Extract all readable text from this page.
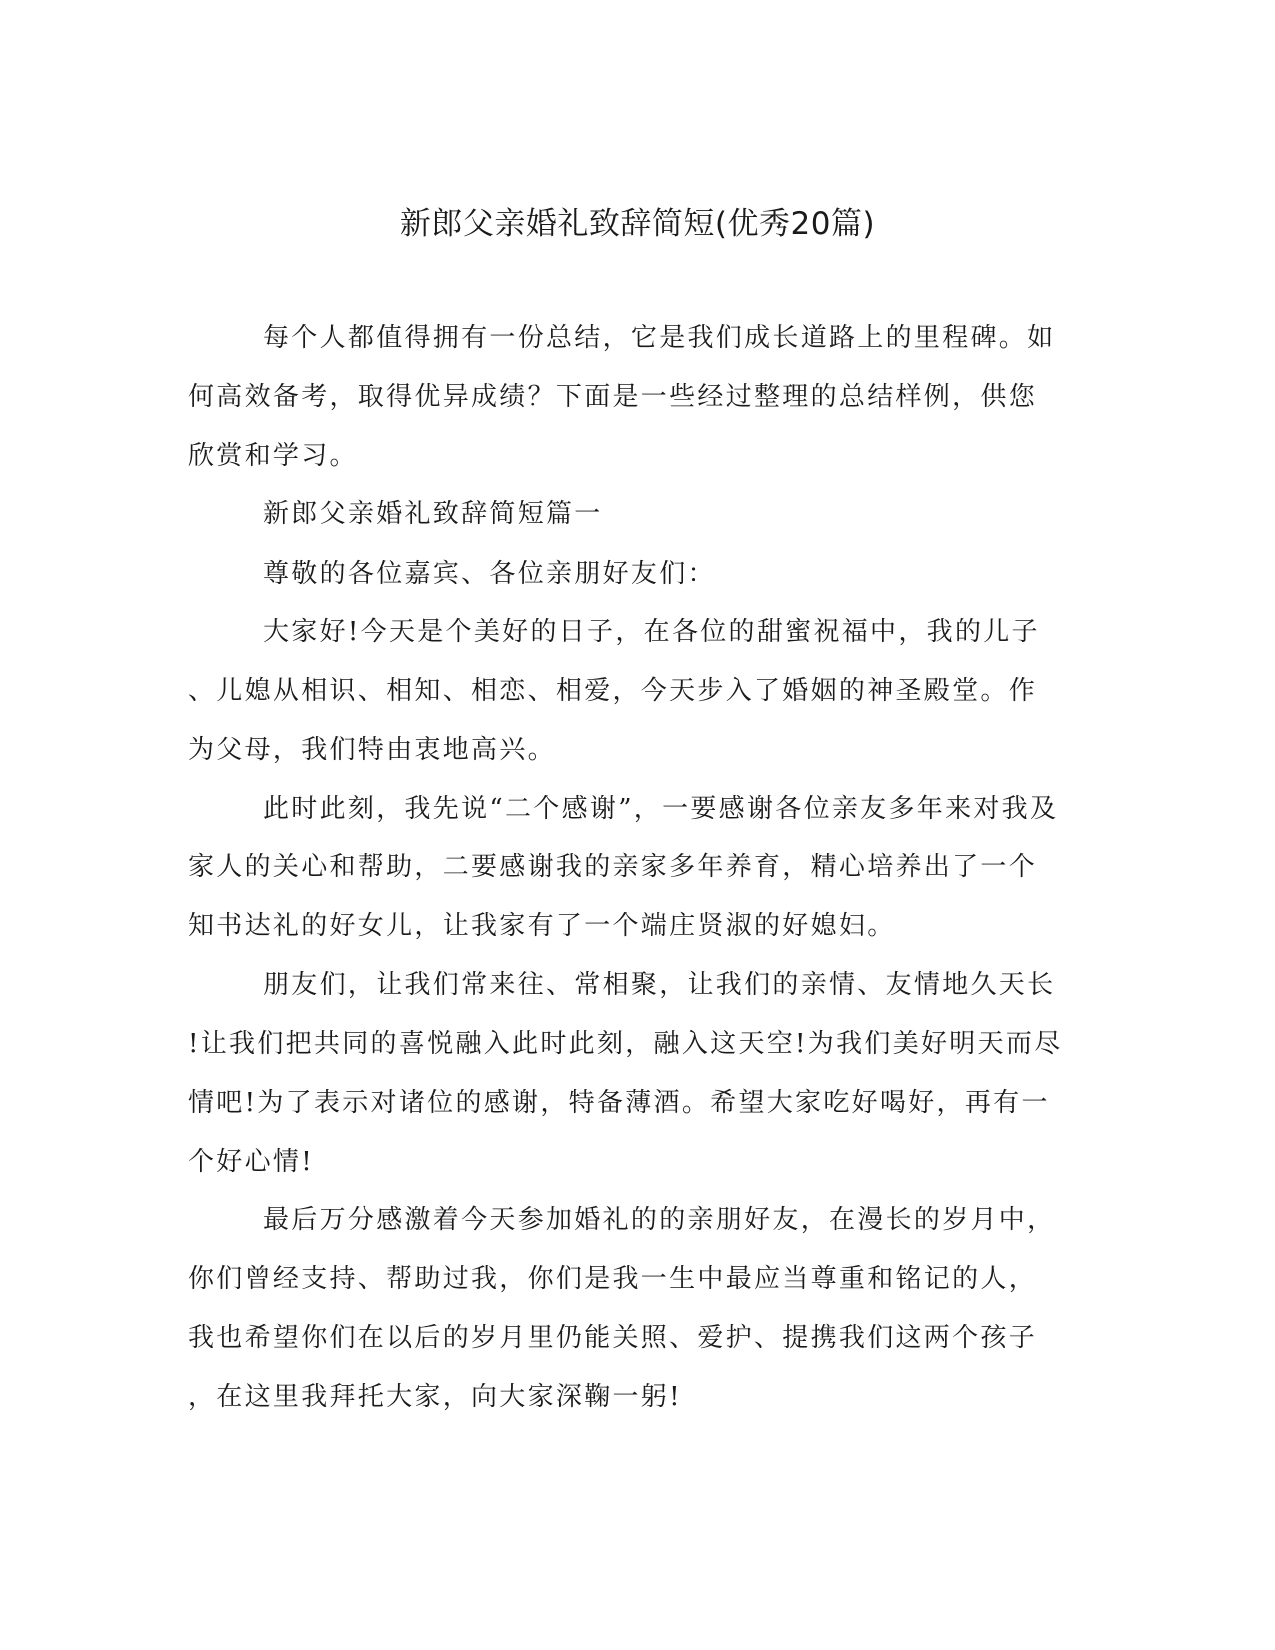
新郎父亲婚礼致辞简短(优秀20篇)

每个人都值得拥有一份总结，它是我们成长道路上的里程碑。如

何高效备考，取得优异成绩？下面是一些经过整理的总结样例，供您

欣赏和学习。

新郎父亲婚礼致辞简短篇一

尊敬的各位嘉宾、各位亲朋好友们：

大家好!今天是个美好的日子，在各位的甜蜜祝福中，我的儿子

、儿媳从相识、相知、相恋、相爱，今天步入了婚姻的神圣殿堂。作

为父母，我们特由衷地高兴。

此时此刻，我先说“二个感谢”，一要感谢各位亲友多年来对我及

家人的关心和帮助，二要感谢我的亲家多年养育，精心培养出了一个

知书达礼的好女儿，让我家有了一个端庄贤淑的好媳妇。

朋友们，让我们常来往、常相聚，让我们的亲情、友情地久天长

!让我们把共同的喜悦融入此时此刻，融入这天空!为我们美好明天而尽

情吧!为了表示对诸位的感谢，特备薄酒。希望大家吃好喝好，再有一

个好心情!

最后万分感激着今天参加婚礼的的亲朋好友，在漫长的岁月中，

你们曾经支持、帮助过我，你们是我一生中最应当尊重和铭记的人，

我也希望你们在以后的岁月里仍能关照、爱护、提携我们这两个孩子

，在这里我拜托大家，向大家深鞠一躬!
